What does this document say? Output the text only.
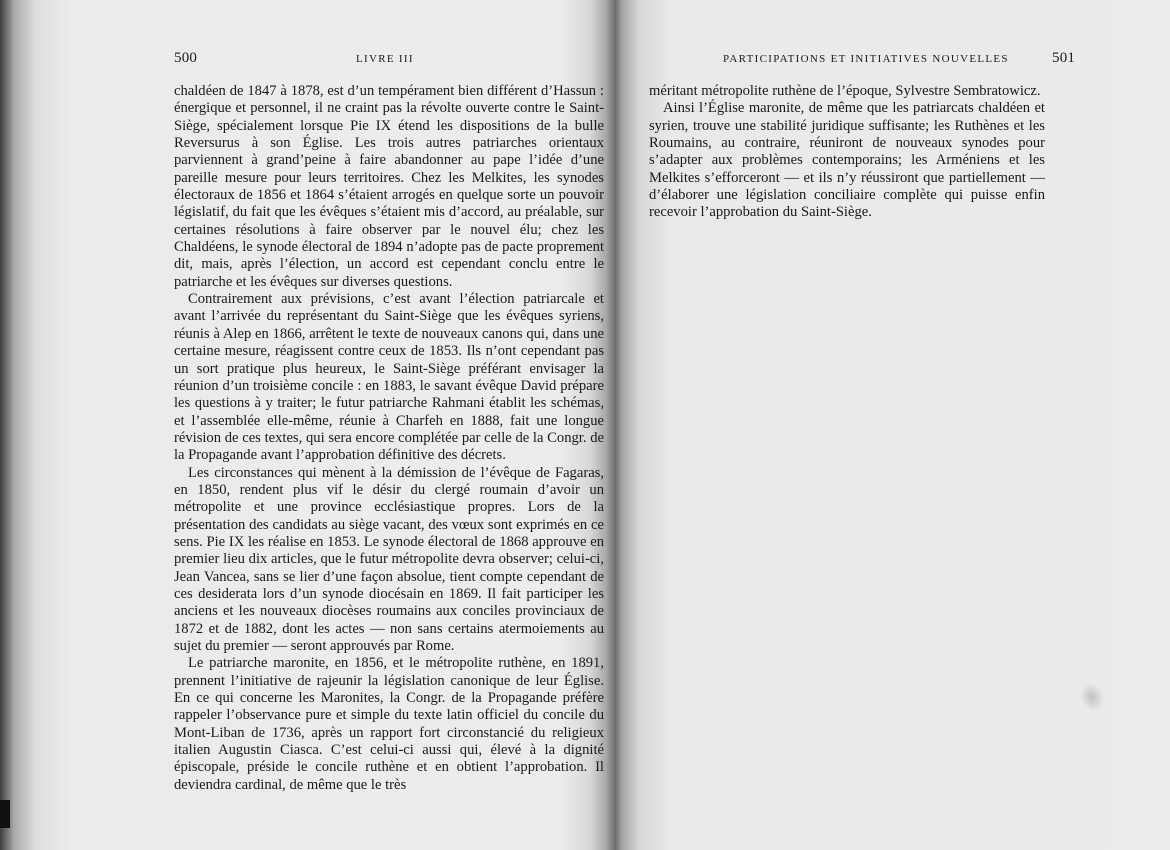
500	LIVRE III

chaldéen de 1847 à 1878, est d’un tempérament bien différent d’Hassun : énergique et personnel, il ne craint pas la révolte ouverte contre le Saint-Siège, spécialement lorsque Pie IX étend les dispositions de la bulle Reversurus à son Église. Les trois autres patriarches orientaux parviennent à grand’peine à faire abandonner au pape l’idée d’une pareille mesure pour leurs territoires. Chez les Melkites, les synodes électoraux de 1856 et 1864 s’étaient arrogés en quelque sorte un pouvoir législatif, du fait que les évêques s’étaient mis d’accord, au préalable, sur certaines résolutions à faire observer par le nouvel élu; chez les Chaldéens, le synode électoral de 1894 n’adopte pas de pacte proprement dit, mais, après l’élection, un accord est cependant conclu entre le patriarche et les évêques sur diverses questions.

Contrairement aux prévisions, c’est avant l’élection patriarcale et avant l’arrivée du représentant du Saint-Siège que les évêques syriens, réunis à Alep en 1866, arrêtent le texte de nouveaux canons qui, dans une certaine mesure, réagissent contre ceux de 1853. Ils n’ont cependant pas un sort pratique plus heureux, le Saint-Siège préférant envisager la réunion d’un troisième concile : en 1883, le savant évêque David prépare les questions à y traiter; le futur patriarche Rahmani établit les schémas, et l’assemblée elle-même, réunie à Charfeh en 1888, fait une longue révision de ces textes, qui sera encore complétée par celle de la Congr. de la Propagande avant l’approbation définitive des décrets.

Les circonstances qui mènent à la démission de l’évêque de Fagaras, en 1850, rendent plus vif le désir du clergé roumain d’avoir un métropolite et une province ecclésiastique propres. Lors de la présentation des candidats au siège vacant, des vœux sont exprimés en ce sens. Pie IX les réalise en 1853. Le synode électoral de 1868 approuve en premier lieu dix articles, que le futur métropolite devra observer; celui-ci, Jean Vancea, sans se lier d’une façon absolue, tient compte cependant de ces desiderata lors d’un synode diocésain en 1869. Il fait participer les anciens et les nouveaux diocèses roumains aux conciles provinciaux de 1872 et de 1882, dont les actes — non sans certains atermoiements au sujet du premier — seront approuvés par Rome.

Le patriarche maronite, en 1856, et le métropolite ruthène, en 1891, prennent l’initiative de rajeunir la législation canonique de leur Église. En ce qui concerne les Maronites, la Congr. de la Propagande préfère rappeler l’observance pure et simple du texte latin officiel du concile du Mont-Liban de 1736, après un rapport fort circonstancié du religieux italien Augustin Ciasca. C’est celui-ci aussi qui, élevé à la dignité épiscopale, préside le concile ruthène et en obtient l’approbation. Il deviendra cardinal, de même que le très

PARTICIPATIONS ET INITIATIVES NOUVELLES	501

méritant métropolite ruthène de l’époque, Sylvestre Sembratowicz.

Ainsi l’Église maronite, de même que les patriarcats chaldéen et syrien, trouve une stabilité juridique suffisante; les Ruthènes et les Roumains, au contraire, réuniront de nouveaux synodes pour s’adapter aux problèmes contemporains; les Arméniens et les Melkites s’efforceront — et ils n’y réussiront que partiellement — d’élaborer une législation conciliaire complète qui puisse enfin recevoir l’approbation du Saint-Siège.
